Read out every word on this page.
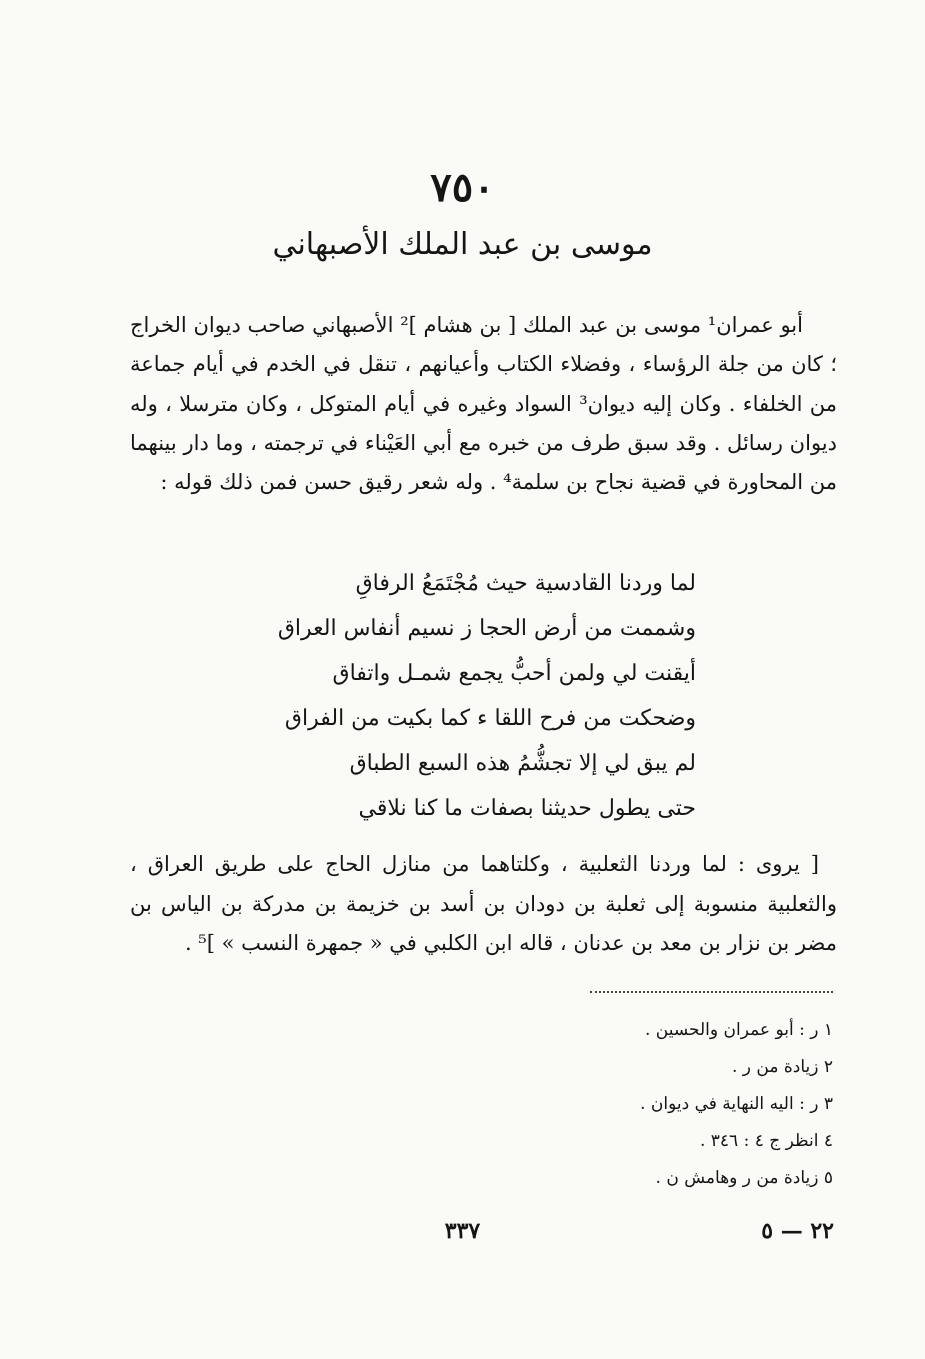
٧٥٠
موسى بن عبد الملك الأصبهاني

أبو عمران¹ موسى بن عبد الملك [ بن هشام ]² الأصبهاني صاحب ديوان الخراج ؛ كان من جلة الرؤساء ، وفضلاء الكتاب وأعيانهم ، تنقل في الخدم في أيام جماعة من الخلفاء . وكان إليه ديوان³ السواد وغيره في أيام المتوكل ، وكان مترسلا ، وله ديوان رسائل . وقد سبق طرف من خبره مع أبي العَيْناء في ترجمته ، وما دار بينهما من المحاورة في قضية نجاح بن سلمة⁴ . وله شعر رقيق حسن فمن ذلك قوله :

لما وردنا القادسية حيث مُجْتَمَعُ الرفاقِ
وشممت من أرض الحجا ز نسيم أنفاس العراق
أيقنت لي ولمن أحبُّ يجمع شمـل واتفاق
وضحكت من فرح اللقا ء كما بكيت من الفراق
لم يبق لي إلا تجشُّمُ هذه السبع الطباق
حتى يطول حديثنا بصفات ما كنا نلاقي

[ يروى : لما وردنا الثعلبية ، وكلتاهما من منازل الحاج على طريق العراق ، والثعلبية منسوبة إلى ثعلبة بن دودان بن أسد بن خزيمة بن مدركة بن الياس بن مضر بن نزار بن معد بن عدنان ، قاله ابن الكلبي في « جمهرة النسب » ]⁵ .

١ ر : أبو عمران والحسين .
٢ زيادة من ر .
٣ ر : اليه النهاية في ديوان .
٤ انظر ج ٤ : ٣٤٦ .
٥ زيادة من ر وهامش ن .
٣٣٧	٢٢ — ٥
